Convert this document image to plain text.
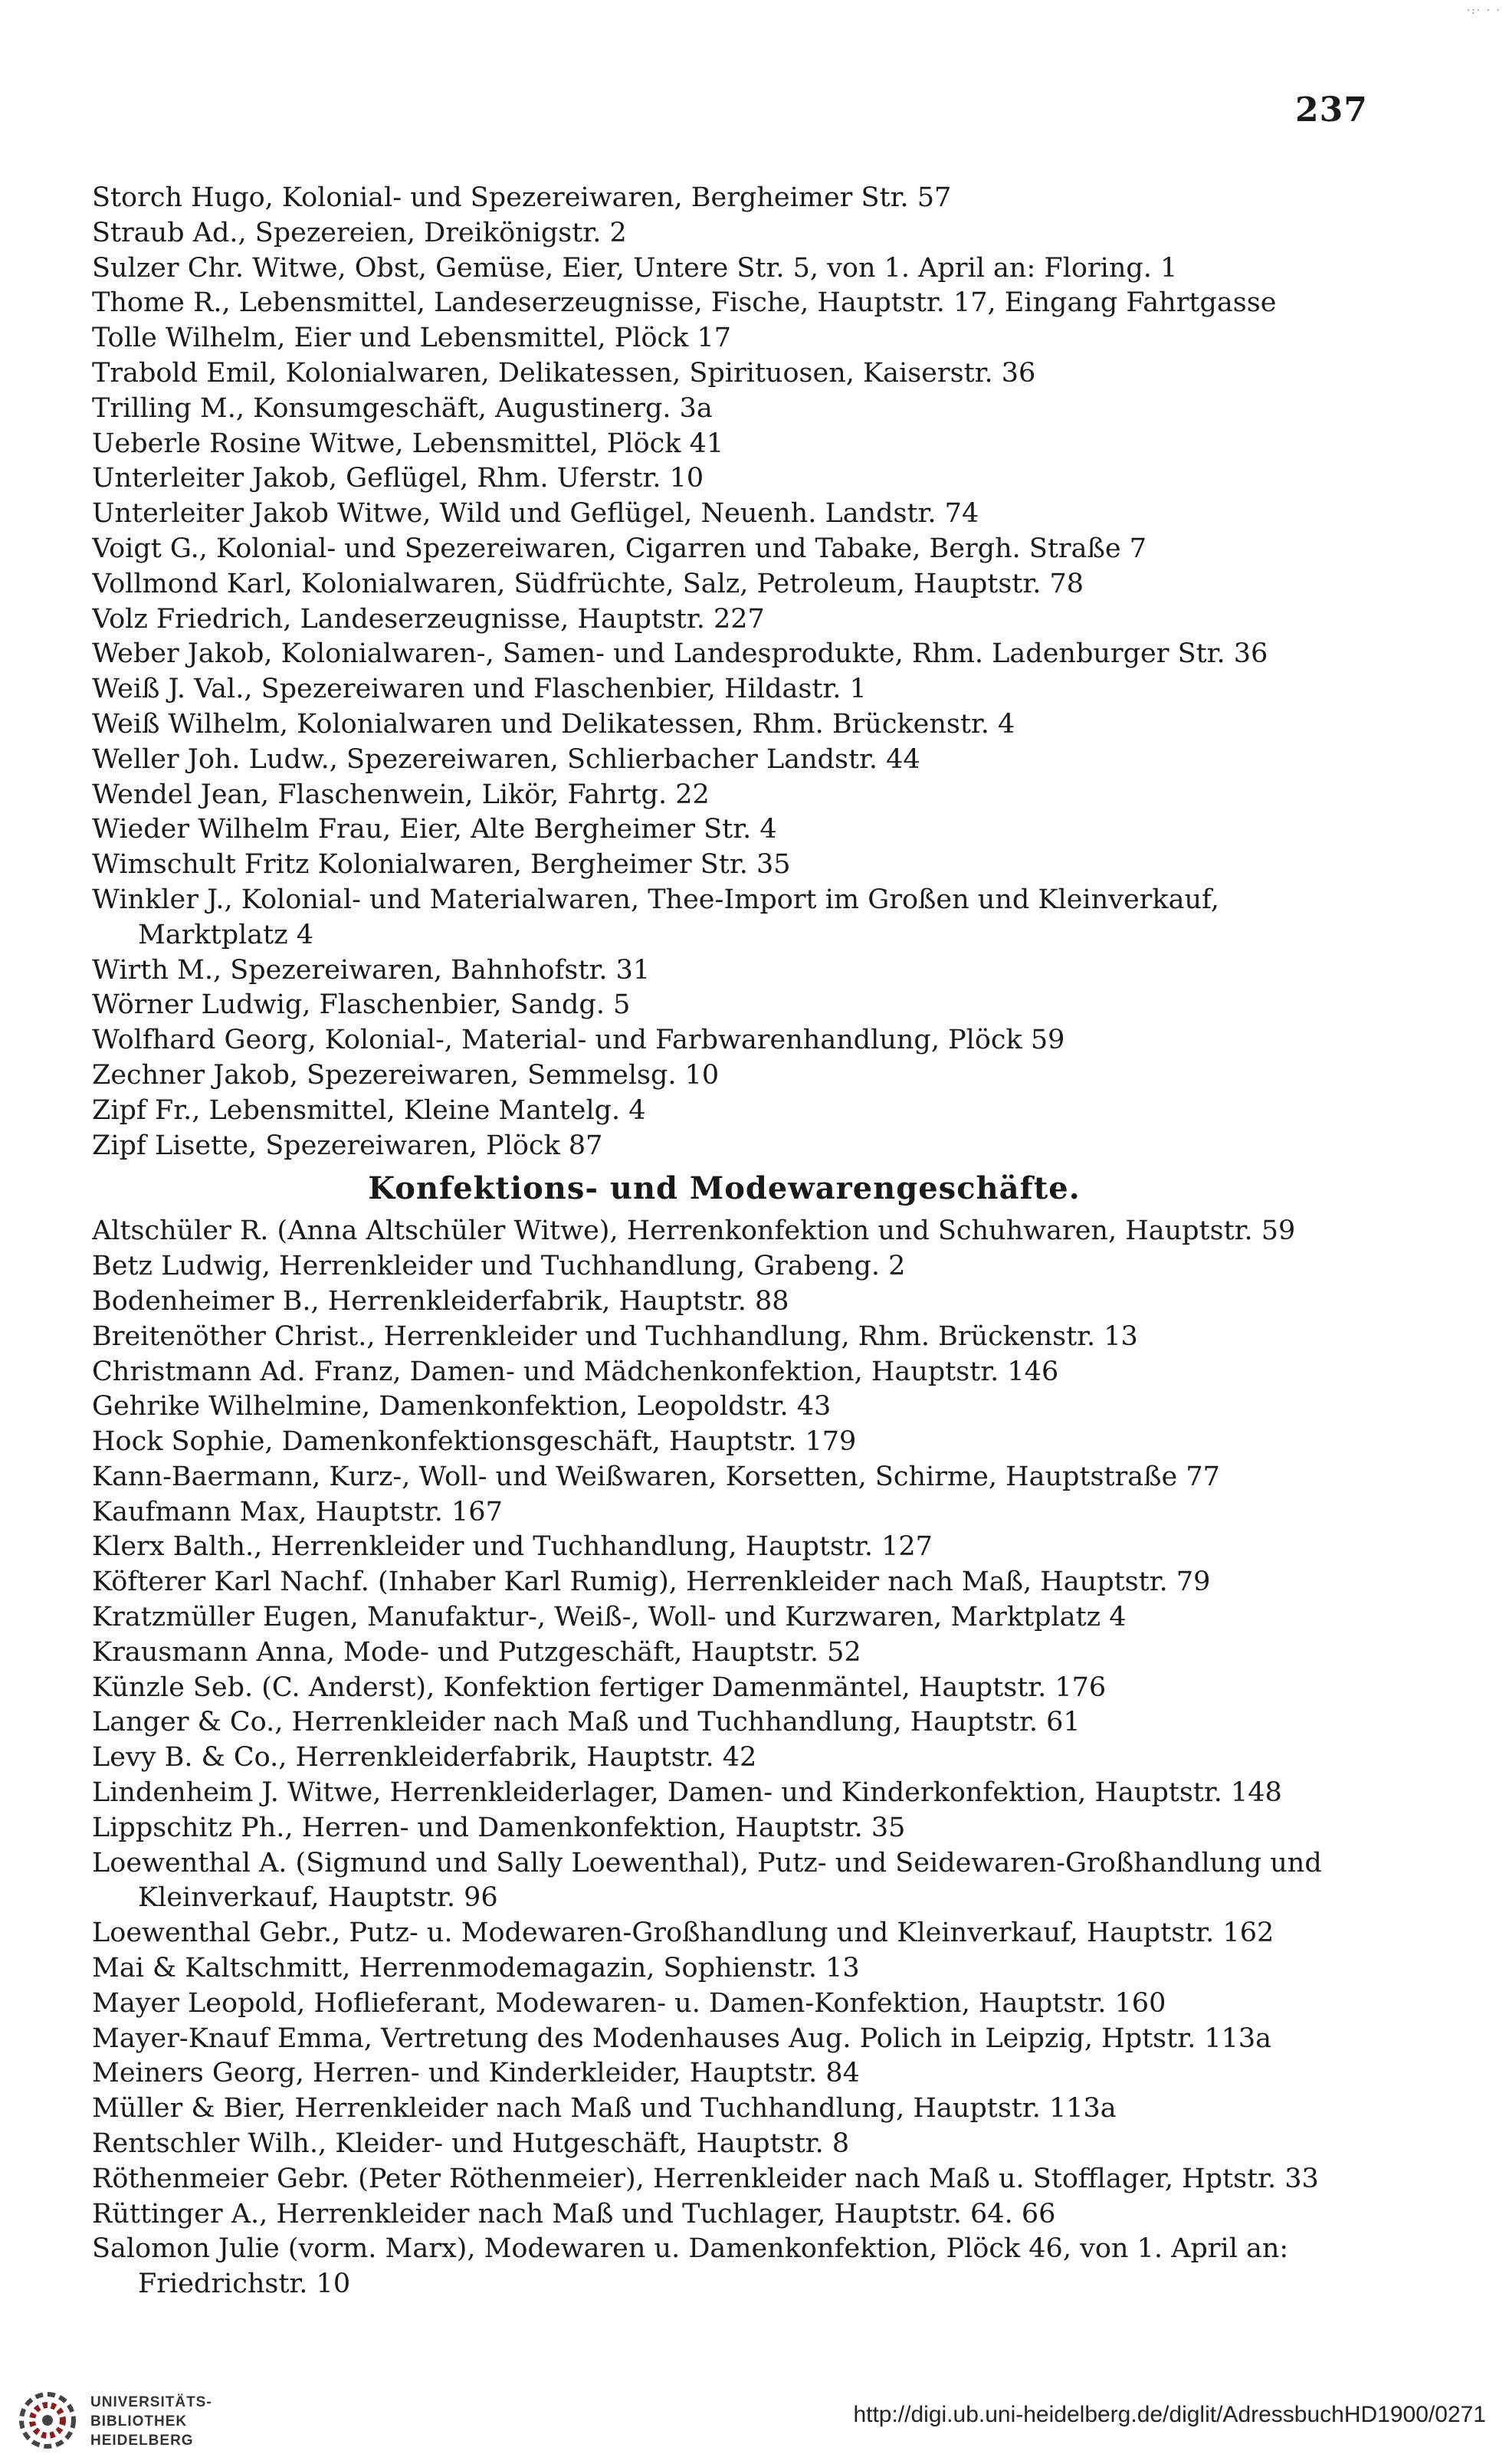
·:· · ·
237
Storch Hugo, Kolonial- und Spezereiwaren, Bergheimer Str. 57
Straub Ad., Spezereien, Dreikönigstr. 2
Sulzer Chr. Witwe, Obst, Gemüse, Eier, Untere Str. 5, von 1. April an: Floring. 1
Thome R., Lebensmittel, Landeserzeugnisse, Fische, Hauptstr. 17, Eingang Fahrtgasse
Tolle Wilhelm, Eier und Lebensmittel, Plöck 17
Trabold Emil, Kolonialwaren, Delikatessen, Spirituosen, Kaiserstr. 36
Trilling M., Konsumgeschäft, Augustinerg. 3a
Ueberle Rosine Witwe, Lebensmittel, Plöck 41
Unterleiter Jakob, Geflügel, Rhm. Uferstr. 10
Unterleiter Jakob Witwe, Wild und Geflügel, Neuenh. Landstr. 74
Voigt G., Kolonial- und Spezereiwaren, Cigarren und Tabake, Bergh. Straße 7
Vollmond Karl, Kolonialwaren, Südfrüchte, Salz, Petroleum, Hauptstr. 78
Volz Friedrich, Landeserzeugnisse, Hauptstr. 227
Weber Jakob, Kolonialwaren-, Samen- und Landesprodukte, Rhm. Ladenburger Str. 36
Weiß J. Val., Spezereiwaren und Flaschenbier, Hildastr. 1
Weiß Wilhelm, Kolonialwaren und Delikatessen, Rhm. Brückenstr. 4
Weller Joh. Ludw., Spezereiwaren, Schlierbacher Landstr. 44
Wendel Jean, Flaschenwein, Likör, Fahrtg. 22
Wieder Wilhelm Frau, Eier, Alte Bergheimer Str. 4
Wimschult Fritz Kolonialwaren, Bergheimer Str. 35
Winkler J., Kolonial- und Materialwaren, Thee-Import im Großen und Kleinverkauf, Marktplatz 4
Wirth M., Spezereiwaren, Bahnhofstr. 31
Wörner Ludwig, Flaschenbier, Sandg. 5
Wolfhard Georg, Kolonial-, Material- und Farbwarenhandlung, Plöck 59
Zechner Jakob, Spezereiwaren, Semmelsg. 10
Zipf Fr., Lebensmittel, Kleine Mantelg. 4
Zipf Lisette, Spezereiwaren, Plöck 87
Konfektions- und Modewarengeschäfte.
Altschüler R. (Anna Altschüler Witwe), Herrenkonfektion und Schuhwaren, Hauptstr. 59
Betz Ludwig, Herrenkleider und Tuchhandlung, Grabeng. 2
Bodenheimer B., Herrenkleiderfabrik, Hauptstr. 88
Breitenöther Christ., Herrenkleider und Tuchhandlung, Rhm. Brückenstr. 13
Christmann Ad. Franz, Damen- und Mädchenkonfektion, Hauptstr. 146
Gehrike Wilhelmine, Damenkonfektion, Leopoldstr. 43
Hock Sophie, Damenkonfektionsgeschäft, Hauptstr. 179
Kann-Baermann, Kurz-, Woll- und Weißwaren, Korsetten, Schirme, Hauptstraße 77
Kaufmann Max, Hauptstr. 167
Klerx Balth., Herrenkleider und Tuchhandlung, Hauptstr. 127
Köfterer Karl Nachf. (Inhaber Karl Rumig), Herrenkleider nach Maß, Hauptstr. 79
Kratzmüller Eugen, Manufaktur-, Weiß-, Woll- und Kurzwaren, Marktplatz 4
Krausmann Anna, Mode- und Putzgeschäft, Hauptstr. 52
Künzle Seb. (C. Anderst), Konfektion fertiger Damenmäntel, Hauptstr. 176
Langer & Co., Herrenkleider nach Maß und Tuchhandlung, Hauptstr. 61
Levy B. & Co., Herrenkleiderfabrik, Hauptstr. 42
Lindenheim J. Witwe, Herrenkleiderlager, Damen- und Kinderkonfektion, Hauptstr. 148
Lippschitz Ph., Herren- und Damenkonfektion, Hauptstr. 35
Loewenthal A. (Sigmund und Sally Loewenthal), Putz- und Seidewaren-Großhandlung und Kleinverkauf, Hauptstr. 96
Loewenthal Gebr., Putz- u. Modewaren-Großhandlung und Kleinverkauf, Hauptstr. 162
Mai & Kaltschmitt, Herrenmodemagazin, Sophienstr. 13
Mayer Leopold, Hoflieferant, Modewaren- u. Damen-Konfektion, Hauptstr. 160
Mayer-Knauf Emma, Vertretung des Modenhauses Aug. Polich in Leipzig, Hptstr. 113a
Meiners Georg, Herren- und Kinderkleider, Hauptstr. 84
Müller & Bier, Herrenkleider nach Maß und Tuchhandlung, Hauptstr. 113a
Rentschler Wilh., Kleider- und Hutgeschäft, Hauptstr. 8
Röthenmeier Gebr. (Peter Röthenmeier), Herrenkleider nach Maß u. Stofflager, Hptstr. 33
Rüttinger A., Herrenkleider nach Maß und Tuchlager, Hauptstr. 64. 66
Salomon Julie (vorm. Marx), Modewaren u. Damenkonfektion, Plöck 46, von 1. April an: Friedrichstr. 10
UNIVERSITÄTS-
BIBLIOTHEK
HEIDELBERG
http://digi.ub.uni-heidelberg.de/diglit/AdressbuchHD1900/0271
